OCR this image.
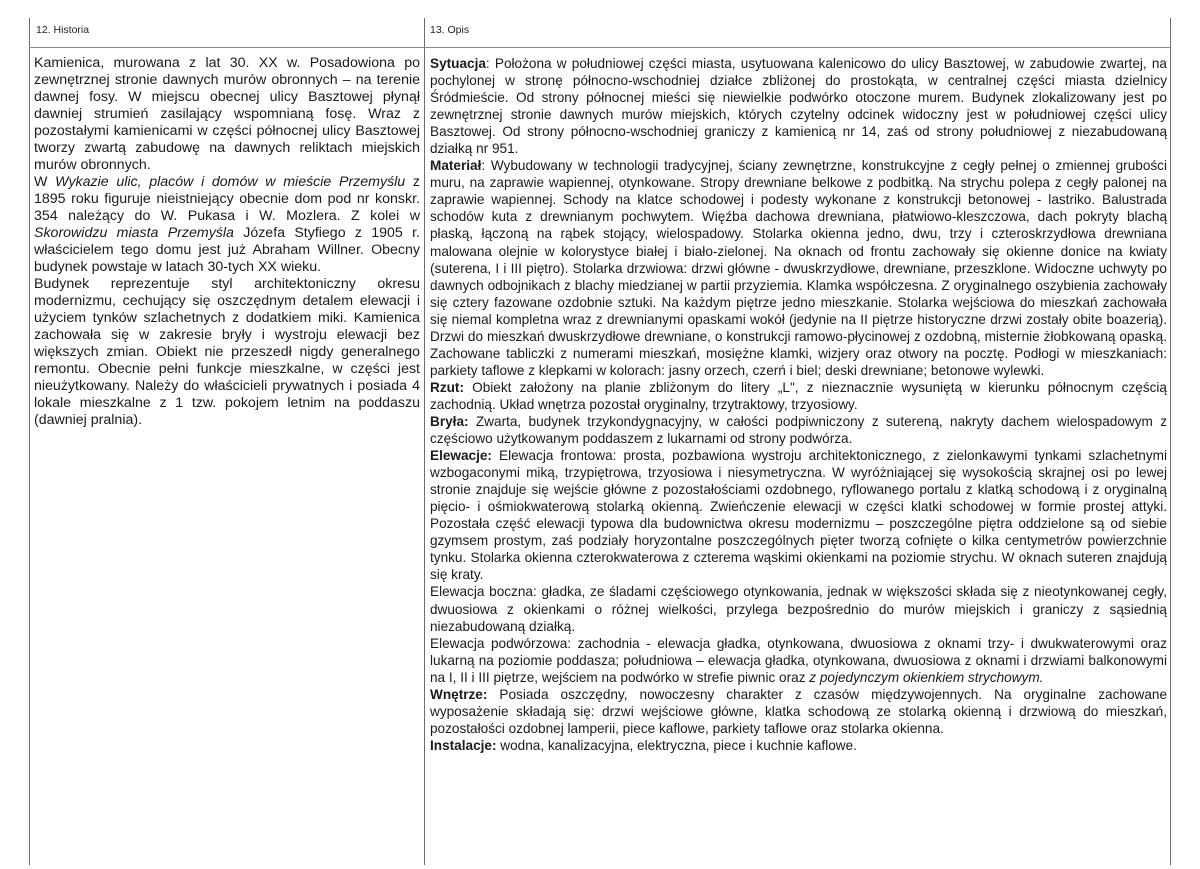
12. Historia	13. Opis

Kamienica, murowana z lat 30. XX w. Posadowiona po zewnętrznej stronie dawnych murów obronnych – na terenie dawnej fosy. W miejscu obecnej ulicy Basztowej płynął dawniej strumień zasilający wspomnianą fosę. Wraz z pozostałymi kamienicami w części północnej ulicy Basztowej tworzy zwartą zabudowę na dawnych reliktach miejskich murów obronnych.

W Wykazie ulic, placów i domów w mieście Przemyślu z 1895 roku figuruje nieistniejący obecnie dom pod nr konskr. 354 należący do W. Pukasa i W. Mozlera. Z kolei w Skorowidzu miasta Przemyśla Józefa Styfiego z 1905 r. właścicielem tego domu jest już Abraham Willner. Obecny budynek powstaje w latach 30-tych XX wieku.

Budynek reprezentuje styl architektoniczny okresu modernizmu, cechujący się oszczędnym detalem elewacji i użyciem tynków szlachetnych z dodatkiem miki. Kamienica zachowała się w zakresie bryły i wystroju elewacji bez większych zmian. Obiekt nie przeszedł nigdy generalnego remontu. Obecnie pełni funkcje mieszkalne, w części jest nieużytkowany. Należy do właścicieli prywatnych i posiada 4 lokale mieszkalne z 1 tzw. pokojem letnim na poddaszu (dawniej pralnia).

Sytuacja: Położona w południowej części miasta, usytuowana kalenicowo do ulicy Basztowej, w zabudowie zwartej, na pochylonej w stronę północno-wschodniej działce zbliżonej do prostokąta, w centralnej części miasta dzielnicy Śródmieście. Od strony północnej mieści się niewielkie podwórko otoczone murem. Budynek zlokalizowany jest po zewnętrznej stronie dawnych murów miejskich, których czytelny odcinek widoczny jest w południowej części ulicy Basztowej. Od strony północno-wschodniej graniczy z kamienicą nr 14, zaś od strony południowej z niezabudowaną działką nr 951.

Materiał: Wybudowany w technologii tradycyjnej, ściany zewnętrzne, konstrukcyjne z cegły pełnej o zmiennej grubości muru, na zaprawie wapiennej, otynkowane. Stropy drewniane belkowe z podbitką. Na strychu polepa z cegły palonej na zaprawie wapiennej. Schody na klatce schodowej i podesty wykonane z konstrukcji betonowej - lastriko. Balustrada schodów kuta z drewnianym pochwytem. Więźba dachowa drewniana, płatwiowo-kleszczowa, dach pokryty blachą płaską, łączoną na rąbek stojący, wielospadowy. Stolarka okienna jedno, dwu, trzy i czteroskrzydłowa drewniana malowana olejnie w kolorystyce białej i biało-zielonej. Na oknach od frontu zachowały się okienne donice na kwiaty (suterena, I i III piętro). Stolarka drzwiowa: drzwi główne - dwuskrzydłowe, drewniane, przeszklone. Widoczne uchwyty po dawnych odbojnikach z blachy miedzianej w partii przyziemia. Klamka współczesna. Z oryginalnego oszybienia zachowały się cztery fazowane ozdobnie sztuki. Na każdym piętrze jedno mieszkanie. Stolarka wejściowa do mieszkań zachowała się niemal kompletna wraz z drewnianymi opaskami wokół (jedynie na II piętrze historyczne drzwi zostały obite boazerią). Drzwi do mieszkań dwuskrzydłowe drewniane, o konstrukcji ramowo-płycinowej z ozdobną, misternie żłobkowaną opaską. Zachowane tabliczki z numerami mieszkań, mosiężne klamki, wizjery oraz otwory na pocztę. Podłogi w mieszkaniach: parkiety taflowe z klepkami w kolorach: jasny orzech, czerń i biel; deski drewniane; betonowe wylewki.

Rzut: Obiekt założony na planie zbliżonym do litery „L", z nieznacznie wysuniętą w kierunku północnym częścią zachodnią. Układ wnętrza pozostał oryginalny, trzytraktowy, trzyosiowy.

Bryła: Zwarta, budynek trzykondygnacyjny, w całości podpiwniczony z sutereną, nakryty dachem wielospadowym z częściowo użytkowanym poddaszem z lukarnami od strony podwórza.

Elewacje: Elewacja frontowa: prosta, pozbawiona wystroju architektonicznego, z zielonkawymi tynkami szlachetnymi wzbogaconymi miką, trzypiętrowa, trzyosiowa i niesymetryczna. W wyróżniającej się wysokością skrajnej osi po lewej stronie znajduje się wejście główne z pozostałościami ozdobnego, ryflowanego portalu z klatką schodową i z oryginalną pięcio- i ośmiokwaterową stolarką okienną. Zwieńczenie elewacji w części klatki schodowej w formie prostej attyki. Pozostała część elewacji typowa dla budownictwa okresu modernizmu – poszczególne piętra oddzielone są od siebie gzymsem prostym, zaś podziały horyzontalne poszczególnych pięter tworzą cofnięte o kilka centymetrów powierzchnie tynku. Stolarka okienna czterokwaterowa z czterema wąskimi okienkami na poziomie strychu. W oknach suteren znajdują się kraty.

Elewacja boczna: gładka, ze śladami częściowego otynkowania, jednak w większości składa się z nieotynkowanej cegły, dwuosiowa z okienkami o różnej wielkości, przylega bezpośrednio do murów miejskich i graniczy z sąsiednią niezabudowaną działką.

Elewacja podwórzowa: zachodnia - elewacja gładka, otynkowana, dwuosiowa z oknami trzy- i dwukwaterowymi oraz lukarną na poziomie poddasza; południowa – elewacja gładka, otynkowana, dwuosiowa z oknami i drzwiami balkonowymi na I, II i III piętrze, wejściem na podwórko w strefie piwnic oraz z pojedynczym okienkiem strychowym.

Wnętrze: Posiada oszczędny, nowoczesny charakter z czasów międzywojennych. Na oryginalne zachowane wyposażenie składają się: drzwi wejściowe główne, klatka schodową ze stolarką okienną i drzwiową do mieszkań, pozostałości ozdobnej lamperii, piece kaflowe, parkiety taflowe oraz stolarka okienna.

Instalacje: wodna, kanalizacyjna, elektryczna, piece i kuchnie kaflowe.
